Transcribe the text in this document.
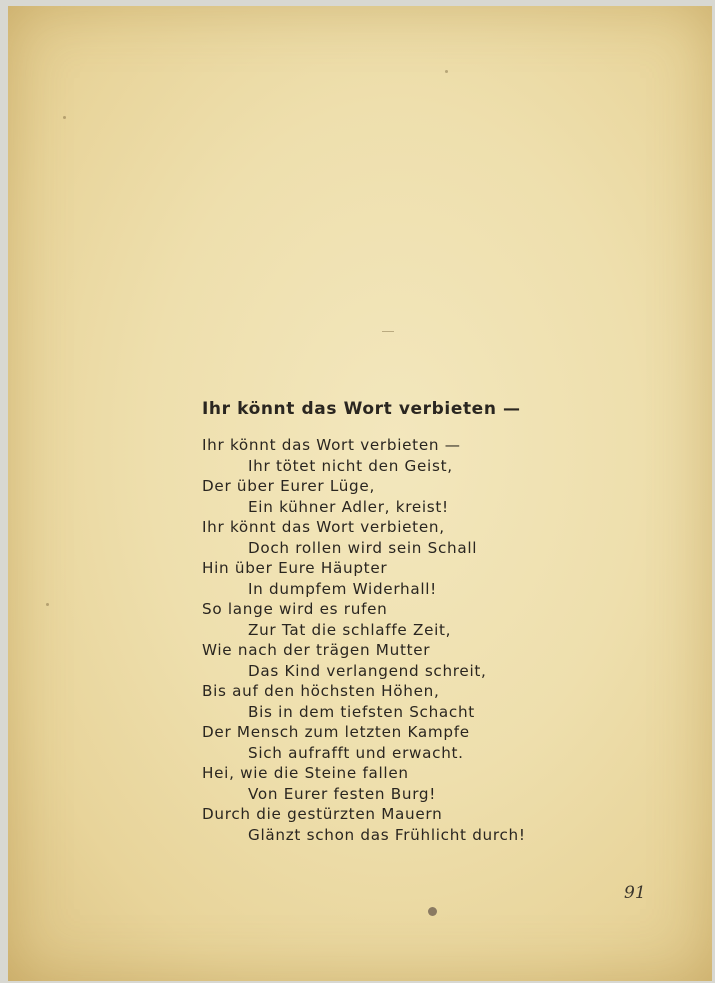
Ihr könnt das Wort verbieten —
Ihr könnt das Wort verbieten —
Ihr tötet nicht den Geist,
Der über Eurer Lüge,
Ein kühner Adler, kreist!
Ihr könnt das Wort verbieten,
Doch rollen wird sein Schall
Hin über Eure Häupter
In dumpfem Widerhall!
So lange wird es rufen
Zur Tat die schlaffe Zeit,
Wie nach der trägen Mutter
Das Kind verlangend schreit,
Bis auf den höchsten Höhen,
Bis in dem tiefsten Schacht
Der Mensch zum letzten Kampfe
Sich aufrafft und erwacht.
Hei, wie die Steine fallen
Von Eurer festen Burg!
Durch die gestürzten Mauern
Glänzt schon das Frühlicht durch!
91
